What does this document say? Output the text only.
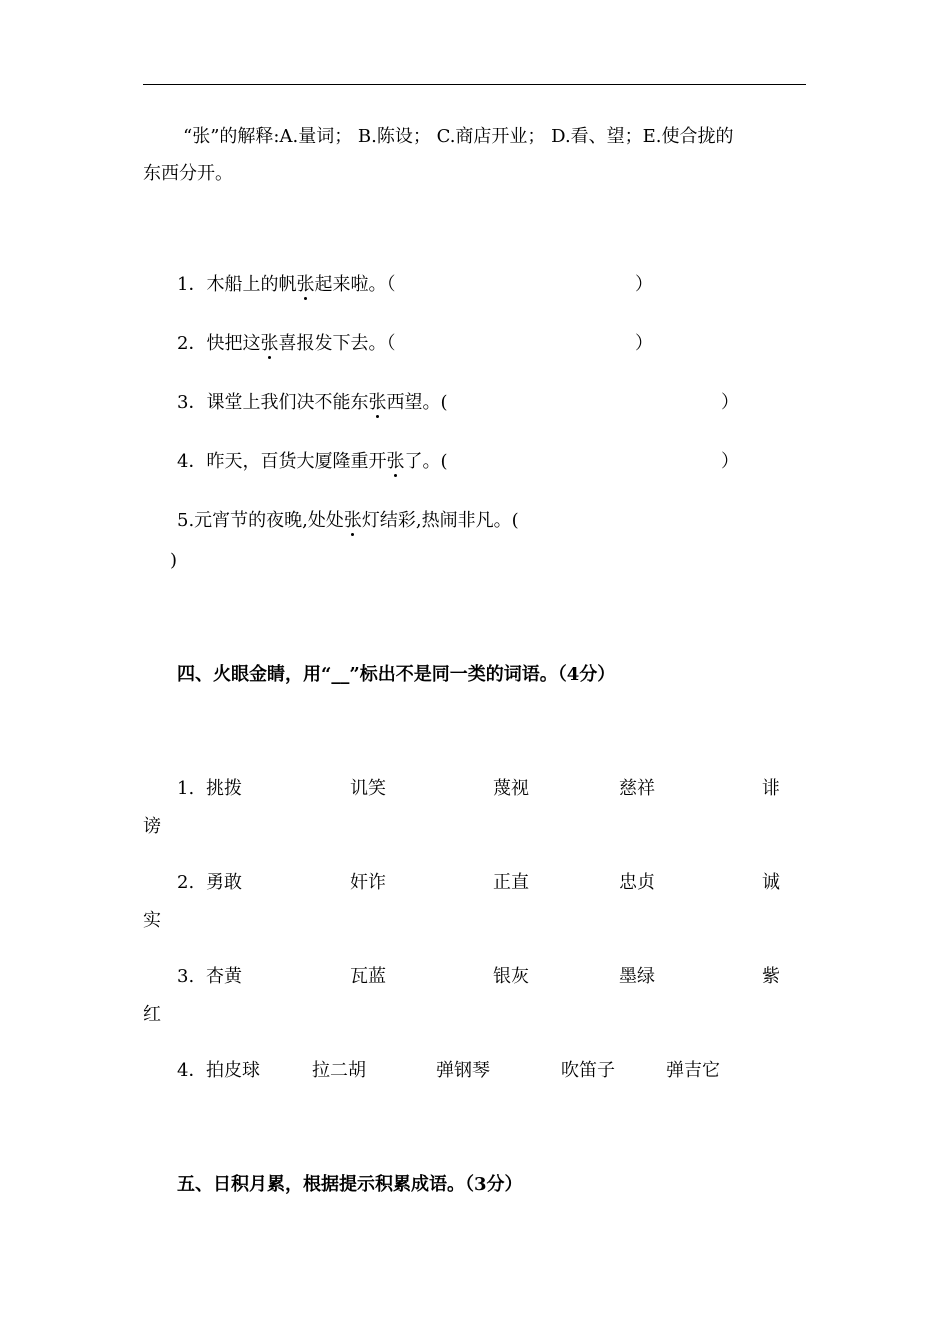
“张”的解释:A.量词； B.陈设； C.商店开业； D.看、望；E.使合拢的
东西分开。
1．木船上的帆张起来啦。（	）
2．快把这张喜报发下去。（	）
3．课堂上我们决不能东张西望。(	）
4．昨天，百货大厦隆重开张了。(	）
5.元宵节的夜晚,处处张灯结彩,热闹非凡。(
)
四、火眼金睛，用“__”标出不是同一类的词语。（4分）
1. 挑拨	讥笑	蔑视	慈祥	诽
谤
2. 勇敢	奸诈	正直	忠贞	诚
实
3. 杏黄	瓦蓝	银灰	墨绿	紫
红
4． 拍皮球	拉二胡	弹钢琴	吹笛子	弹吉它
五、日积月累，根据提示积累成语。（3分）
